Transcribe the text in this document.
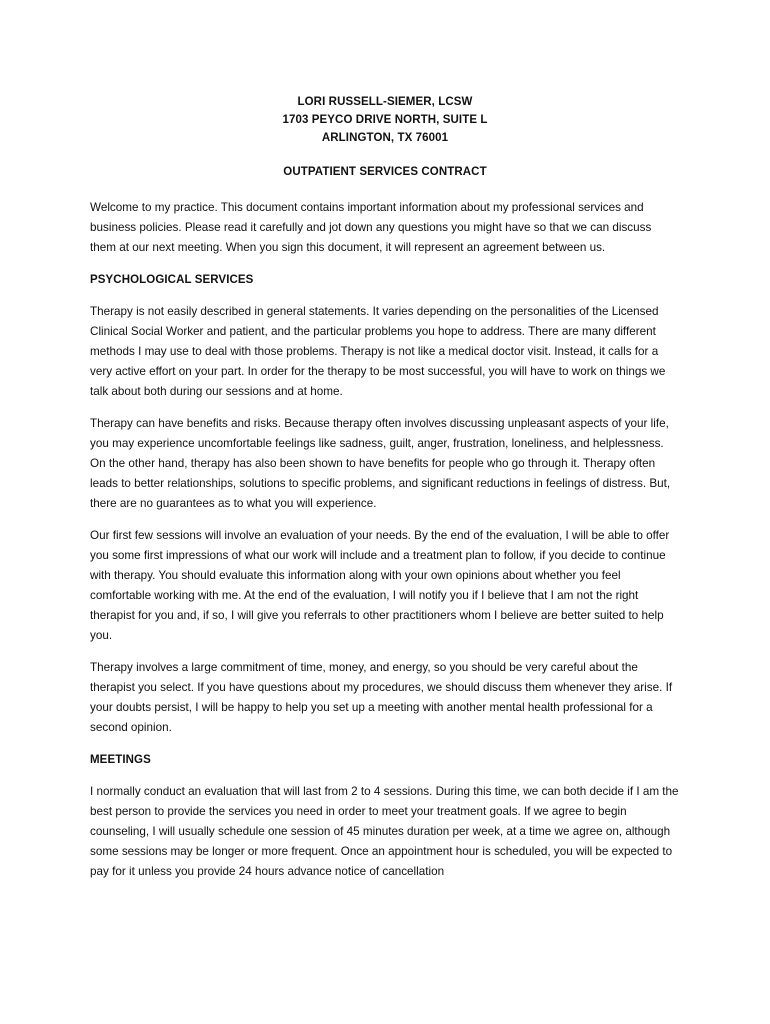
LORI RUSSELL-SIEMER, LCSW
1703 PEYCO DRIVE NORTH, SUITE L
ARLINGTON, TX 76001
OUTPATIENT SERVICES CONTRACT

Welcome to my practice. This document contains important information about my professional services and business policies. Please read it carefully and jot down any questions you might have so that we can discuss them at our next meeting. When you sign this document, it will represent an agreement between us.

PSYCHOLOGICAL SERVICES

Therapy is not easily described in general statements. It varies depending on the personalities of the Licensed Clinical Social Worker and patient, and the particular problems you hope to address. There are many different methods I may use to deal with those problems. Therapy is not like a medical doctor visit. Instead, it calls for a very active effort on your part. In order for the therapy to be most successful, you will have to work on things we talk about both during our sessions and at home.

Therapy can have benefits and risks. Because therapy often involves discussing unpleasant aspects of your life, you may experience uncomfortable feelings like sadness, guilt, anger, frustration, loneliness, and helplessness. On the other hand, therapy has also been shown to have benefits for people who go through it. Therapy often leads to better relationships, solutions to specific problems, and significant reductions in feelings of distress. But, there are no guarantees as to what you will experience.

Our first few sessions will involve an evaluation of your needs. By the end of the evaluation, I will be able to offer you some first impressions of what our work will include and a treatment plan to follow, if you decide to continue with therapy. You should evaluate this information along with your own opinions about whether you feel comfortable working with me. At the end of the evaluation, I will notify you if I believe that I am not the right therapist for you and, if so, I will give you referrals to other practitioners whom I believe are better suited to help you.

Therapy involves a large commitment of time, money, and energy, so you should be very careful about the therapist you select. If you have questions about my procedures, we should discuss them whenever they arise. If your doubts persist, I will be happy to help you set up a meeting with another mental health professional for a second opinion.

MEETINGS

I normally conduct an evaluation that will last from 2 to 4 sessions. During this time, we can both decide if I am the best person to provide the services you need in order to meet your treatment goals. If we agree to begin counseling, I will usually schedule one session of 45 minutes duration per week, at a time we agree on, although some sessions may be longer or more frequent. Once an appointment hour is scheduled, you will be expected to pay for it unless you provide 24 hours advance notice of cancellation
